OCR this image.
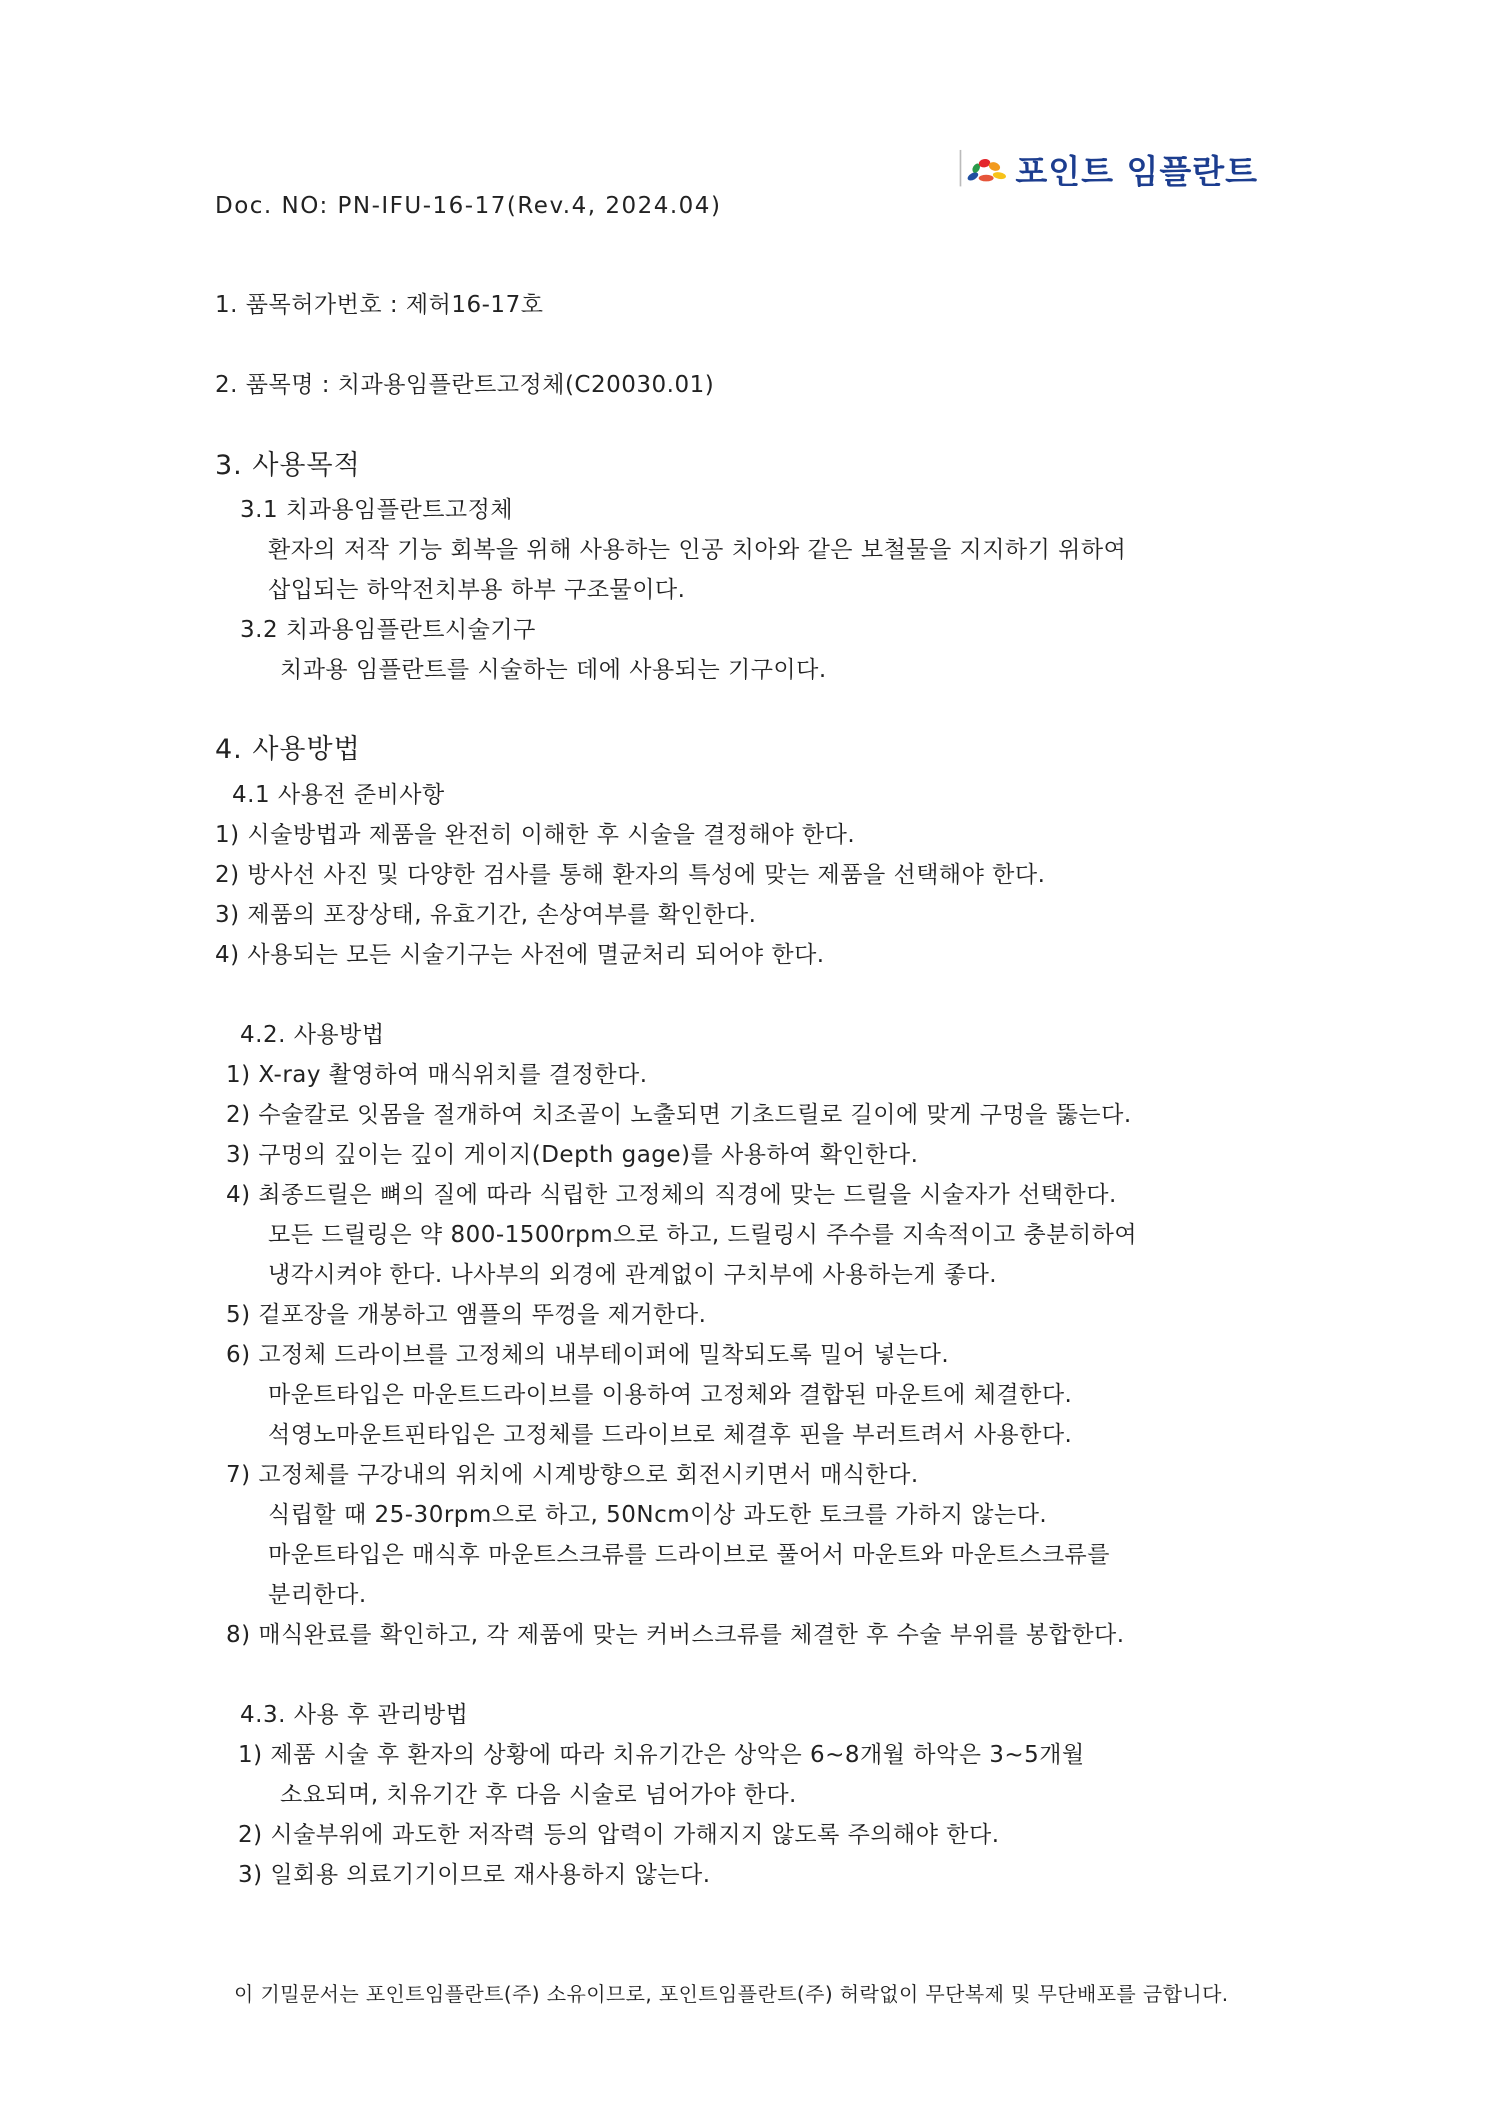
포인트 임플란트
Doc. NO: PN-IFU-16-17(Rev.4, 2024.04)
1. 품목허가번호 : 제허16-17호
2. 품목명 : 치과용임플란트고정체(C20030.01)
3. 사용목적
3.1 치과용임플란트고정체
환자의 저작 기능 회복을 위해 사용하는 인공 치아와 같은 보철물을 지지하기 위하여
삽입되는 하악전치부용 하부 구조물이다.
3.2 치과용임플란트시술기구
치과용 임플란트를 시술하는 데에 사용되는 기구이다.
4. 사용방법
4.1 사용전 준비사항
1) 시술방법과 제품을 완전히 이해한 후 시술을 결정해야 한다.
2) 방사선 사진 및 다양한 검사를 통해 환자의 특성에 맞는 제품을 선택해야 한다.
3) 제품의 포장상태, 유효기간, 손상여부를 확인한다.
4) 사용되는 모든 시술기구는 사전에 멸균처리 되어야 한다.
4.2. 사용방법
1) X-ray 촬영하여 매식위치를 결정한다.
2) 수술칼로 잇몸을 절개하여 치조골이 노출되면 기초드릴로 길이에 맞게 구멍을 뚫는다.
3) 구멍의 깊이는 깊이 게이지(Depth gage)를 사용하여 확인한다.
4) 최종드릴은 뼈의 질에 따라 식립한 고정체의 직경에 맞는 드릴을 시술자가 선택한다.
모든 드릴링은 약 800-1500rpm으로 하고, 드릴링시 주수를 지속적이고 충분히하여
냉각시켜야 한다. 나사부의 외경에 관계없이 구치부에 사용하는게 좋다.
5) 겉포장을 개봉하고 앰플의 뚜껑을 제거한다.
6) 고정체 드라이브를 고정체의 내부테이퍼에 밀착되도록 밀어 넣는다.
마운트타입은 마운트드라이브를 이용하여 고정체와 결합된 마운트에 체결한다.
석영노마운트핀타입은 고정체를 드라이브로 체결후 핀을 부러트려서 사용한다.
7) 고정체를 구강내의 위치에 시계방향으로 회전시키면서 매식한다.
식립할 때 25-30rpm으로 하고, 50Ncm이상 과도한 토크를 가하지 않는다.
마운트타입은 매식후 마운트스크류를 드라이브로 풀어서 마운트와 마운트스크류를
분리한다.
8) 매식완료를 확인하고, 각 제품에 맞는 커버스크류를 체결한 후 수술 부위를 봉합한다.
4.3. 사용 후 관리방법
1) 제품 시술 후 환자의 상황에 따라 치유기간은 상악은 6~8개월 하악은 3~5개월
소요되며, 치유기간 후 다음 시술로 넘어가야 한다.
2) 시술부위에 과도한 저작력 등의 압력이 가해지지 않도록 주의해야 한다.
3) 일회용 의료기기이므로 재사용하지 않는다.
이 기밀문서는 포인트임플란트(주) 소유이므로, 포인트임플란트(주) 허락없이 무단복제 및 무단배포를 금합니다.
